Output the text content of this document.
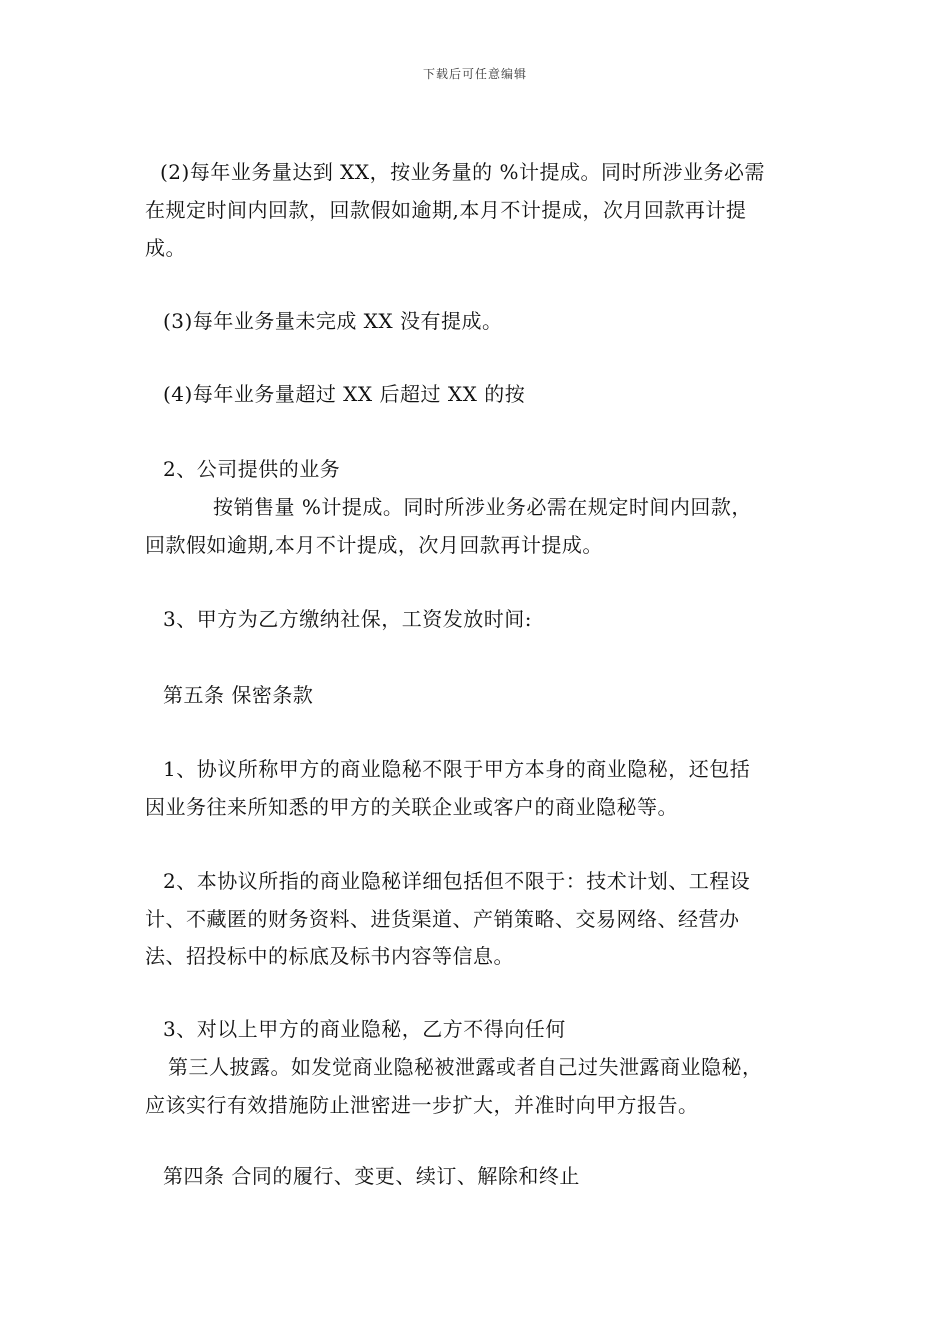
下载后可任意编辑
(2)每年业务量达到 XX，按业务量的 %计提成。同时所涉业务必需
在规定时间内回款，回款假如逾期,本月不计提成，次月回款再计提
成。
(3)每年业务量未完成 XX 没有提成。
(4)每年业务量超过 XX 后超过 XX 的按
2、公司提供的业务
按销售量 %计提成。同时所涉业务必需在规定时间内回款，
回款假如逾期,本月不计提成，次月回款再计提成。
3、甲方为乙方缴纳社保，工资发放时间:
第五条 保密条款
1、协议所称甲方的商业隐秘不限于甲方本身的商业隐秘，还包括
因业务往来所知悉的甲方的关联企业或客户的商业隐秘等。
2、本协议所指的商业隐秘详细包括但不限于：技术计划、工程设
计、不藏匿的财务资料、进货渠道、产销策略、交易网络、经营办
法、招投标中的标底及标书内容等信息。
3、对以上甲方的商业隐秘，乙方不得向任何
第三人披露。如发觉商业隐秘被泄露或者自己过失泄露商业隐秘，
应该实行有效措施防止泄密进一步扩大，并准时向甲方报告。
第四条 合同的履行、变更、续订、解除和终止
